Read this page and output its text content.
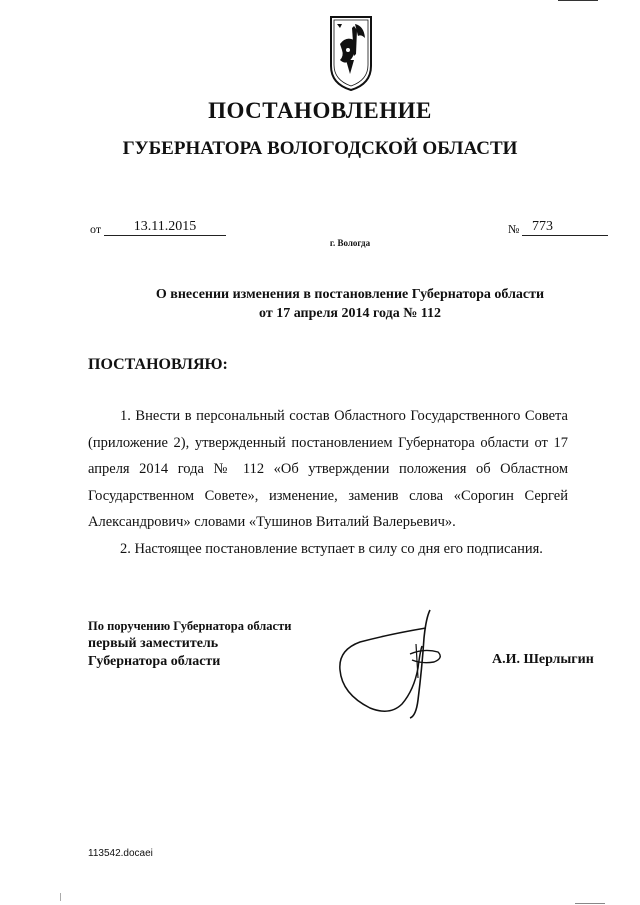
ПОСТАНОВЛЕНИЕ
ГУБЕРНАТОРА ВОЛОГОДСКОЙ ОБЛАСТИ
от	13.11.2015	№ 773
г. Вологда
О внесении изменения в постановление Губернатора области
от 17 апреля 2014 года № 112
ПОСТАНОВЛЯЮ:

1. Внести в персональный состав Областного Государственного Совета (приложение 2), утвержденный постановлением Губернатора области от 17 апреля 2014 года № 112 «Об утверждении положения об Областном Государственном Совете», изменение, заменив слова «Сорогин Сергей Александрович» словами «Тушинов Виталий Валерьевич».

2. Настоящее постановление вступает в силу со дня его подписания.

По поручению Губернатора области
первый заместитель
Губернатора области	А.И. Шерлыгин
113542.docaei
